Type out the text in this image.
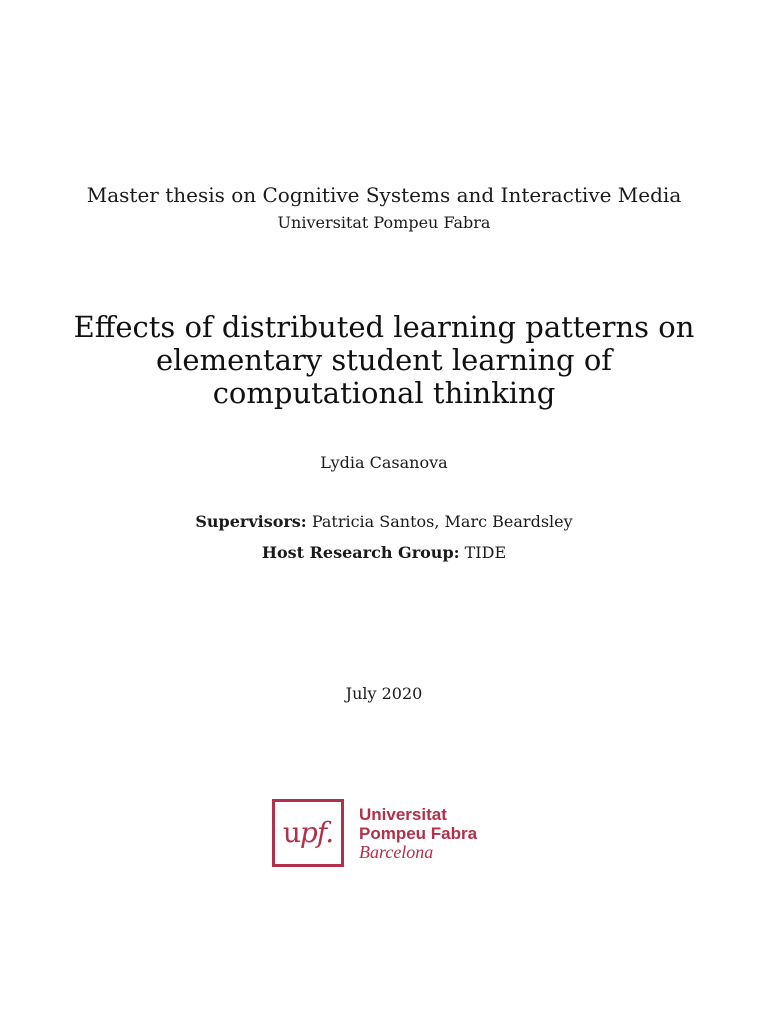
Master thesis on Cognitive Systems and Interactive Media
Universitat Pompeu Fabra
Effects of distributed learning patterns on
elementary student learning of
computational thinking
Lydia Casanova
Supervisors: Patricia Santos, Marc Beardsley
Host Research Group: TIDE
July 2020
upf.
Universitat
Pompeu Fabra
Barcelona
